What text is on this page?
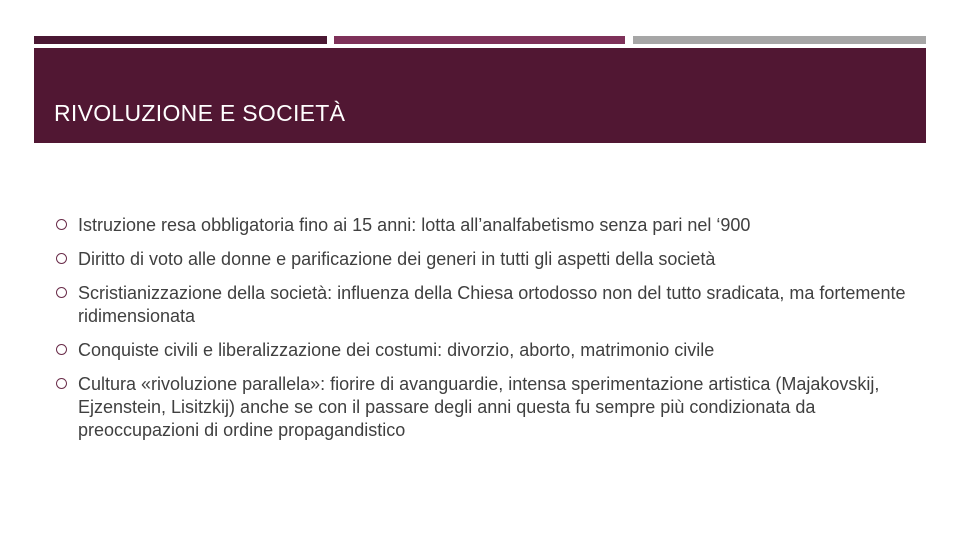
RIVOLUZIONE E SOCIETÀ
Istruzione resa obbligatoria fino ai 15 anni: lotta all’analfabetismo senza pari nel ‘900
Diritto di voto alle donne e parificazione dei generi in tutti gli aspetti della società
Scristianizzazione della società: influenza della Chiesa ortodosso non del tutto sradicata, ma fortemente ridimensionata
Conquiste civili e liberalizzazione dei costumi: divorzio, aborto, matrimonio civile
Cultura «rivoluzione parallela»: fiorire di avanguardie, intensa sperimentazione artistica (Majakovskij, Ejzenstein, Lisitzkij) anche se con il passare degli anni questa fu sempre più condizionata da preoccupazioni di ordine propagandistico
